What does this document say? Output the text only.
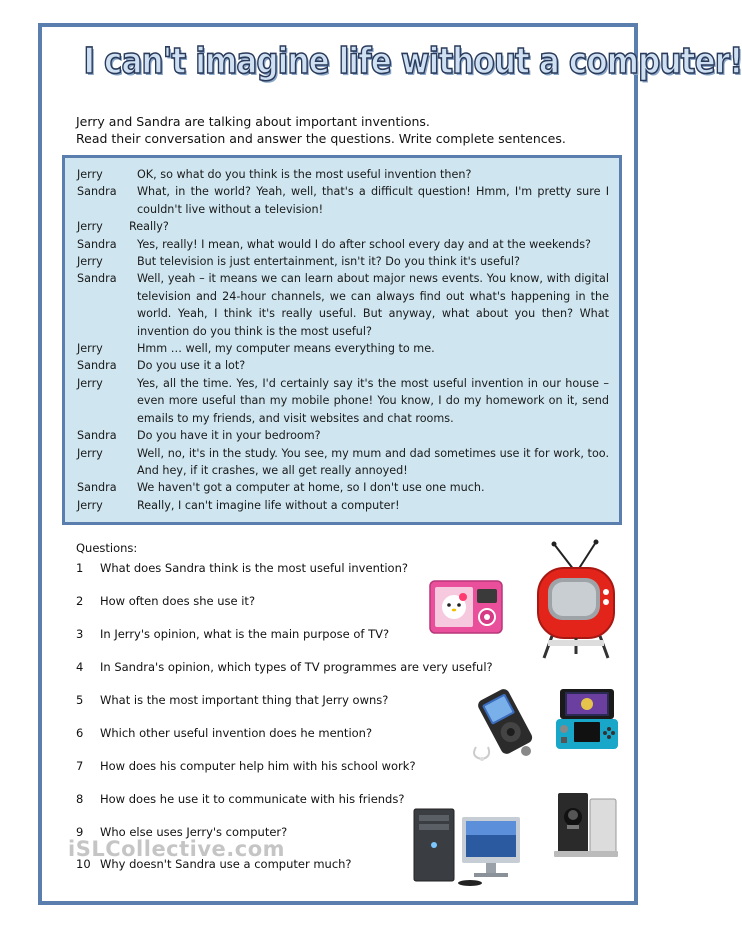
I can't imagine life without a computer!
Jerry and Sandra are talking about important inventions.
Read their conversation and answer the questions. Write complete sentences.
Jerry	OK, so what do you think is the most useful invention then?
Sandra	What, in the world? Yeah, well, that's a difficult question! Hmm, I'm pretty sure I couldn't live without a television!
Jerry	Really?
Sandra	Yes, really! I mean, what would I do after school every day and at the weekends?
Jerry	But television is just entertainment, isn't it? Do you think it's useful?
Sandra	Well, yeah – it means we can learn about major news events. You know, with digital television and 24-hour channels, we can always find out what's happening in the world. Yeah, I think it's really useful. But anyway, what about you then? What invention do you think is the most useful?
Jerry	Hmm … well, my computer means everything to me.
Sandra	Do you use it a lot?
Jerry	Yes, all the time. Yes, I'd certainly say it's the most useful invention in our house – even more useful than my mobile phone! You know, I do my homework on it, send emails to my friends, and visit websites and chat rooms.
Sandra	Do you have it in your bedroom?
Jerry	Well, no, it's in the study. You see, my mum and dad sometimes use it for work, too. And hey, if it crashes, we all get really annoyed!
Sandra	We haven't got a computer at home, so I don't use one much.
Jerry	Really, I can't imagine life without a computer!
Questions:
1	What does Sandra think is the most useful invention?
2	How often does she use it?
3	In Jerry's opinion, what is the main purpose of TV?
4	In Sandra's opinion, which types of TV programmes are very useful?
5	What is the most important thing that Jerry owns?
6	Which other useful invention does he mention?
7	How does his computer help him with his school work?
8	How does he use it to communicate with his friends?
9	Who else uses Jerry's computer?
10 Why doesn't Sandra use a computer much?
iSLCollective.com
